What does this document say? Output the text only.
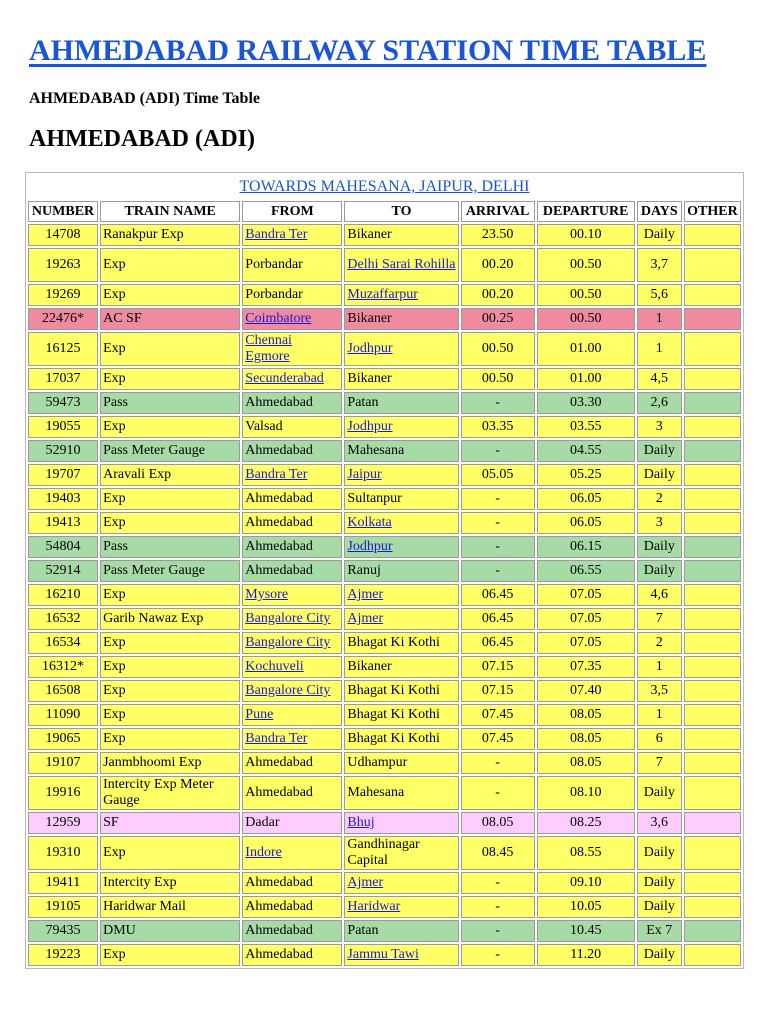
AHMEDABAD RAILWAY STATION TIME TABLE
AHMEDABAD (ADI) Time Table
AHMEDABAD (ADI)
TOWARDS MAHESANA, JAIPUR, DELHI							
NUMBER	TRAIN NAME	FROM	TO	ARRIVAL	DEPARTURE	DAYS	OTHER
14708	Ranakpur Exp	Bandra Ter	Bikaner	23.50	00.10	Daily	
19263	Exp	Porbandar	Delhi Sarai Rohilla	00.20	00.50	3,7	
19269	Exp	Porbandar	Muzaffarpur	00.20	00.50	5,6	
22476*	AC SF	Coimbatore	Bikaner	00.25	00.50	1	
16125	Exp	Chennai Egmore	Jodhpur	00.50	01.00	1	
17037	Exp	Secunderabad	Bikaner	00.50	01.00	4,5	
59473	Pass	Ahmedabad	Patan	-	03.30	2,6	
19055	Exp	Valsad	Jodhpur	03.35	03.55	3	
52910	Pass Meter Gauge	Ahmedabad	Mahesana	-	04.55	Daily	
19707	Aravali Exp	Bandra Ter	Jaipur	05.05	05.25	Daily	
19403	Exp	Ahmedabad	Sultanpur	-	06.05	2	
19413	Exp	Ahmedabad	Kolkata	-	06.05	3	
54804	Pass	Ahmedabad	Jodhpur	-	06.15	Daily	
52914	Pass Meter Gauge	Ahmedabad	Ranuj	-	06.55	Daily	
16210	Exp	Mysore	Ajmer	06.45	07.05	4,6	
16532	Garib Nawaz Exp	Bangalore City	Ajmer	06.45	07.05	7	
16534	Exp	Bangalore City	Bhagat Ki Kothi	06.45	07.05	2	
16312*	Exp	Kochuveli	Bikaner	07.15	07.35	1	
16508	Exp	Bangalore City	Bhagat Ki Kothi	07.15	07.40	3,5	
11090	Exp	Pune	Bhagat Ki Kothi	07.45	08.05	1	
19065	Exp	Bandra Ter	Bhagat Ki Kothi	07.45	08.05	6	
19107	Janmbhoomi Exp	Ahmedabad	Udhampur	-	08.05	7	
19916	Intercity Exp Meter Gauge	Ahmedabad	Mahesana	-	08.10	Daily	
12959	SF	Dadar	Bhuj	08.05	08.25	3,6	
19310	Exp	Indore	Gandhinagar Capital	08.45	08.55	Daily	
19411	Intercity Exp	Ahmedabad	Ajmer	-	09.10	Daily	
19105	Haridwar Mail	Ahmedabad	Haridwar	-	10.05	Daily	
79435	DMU	Ahmedabad	Patan	-	10.45	Ex 7	
19223	Exp	Ahmedabad	Jammu Tawi	-	11.20	Daily	
